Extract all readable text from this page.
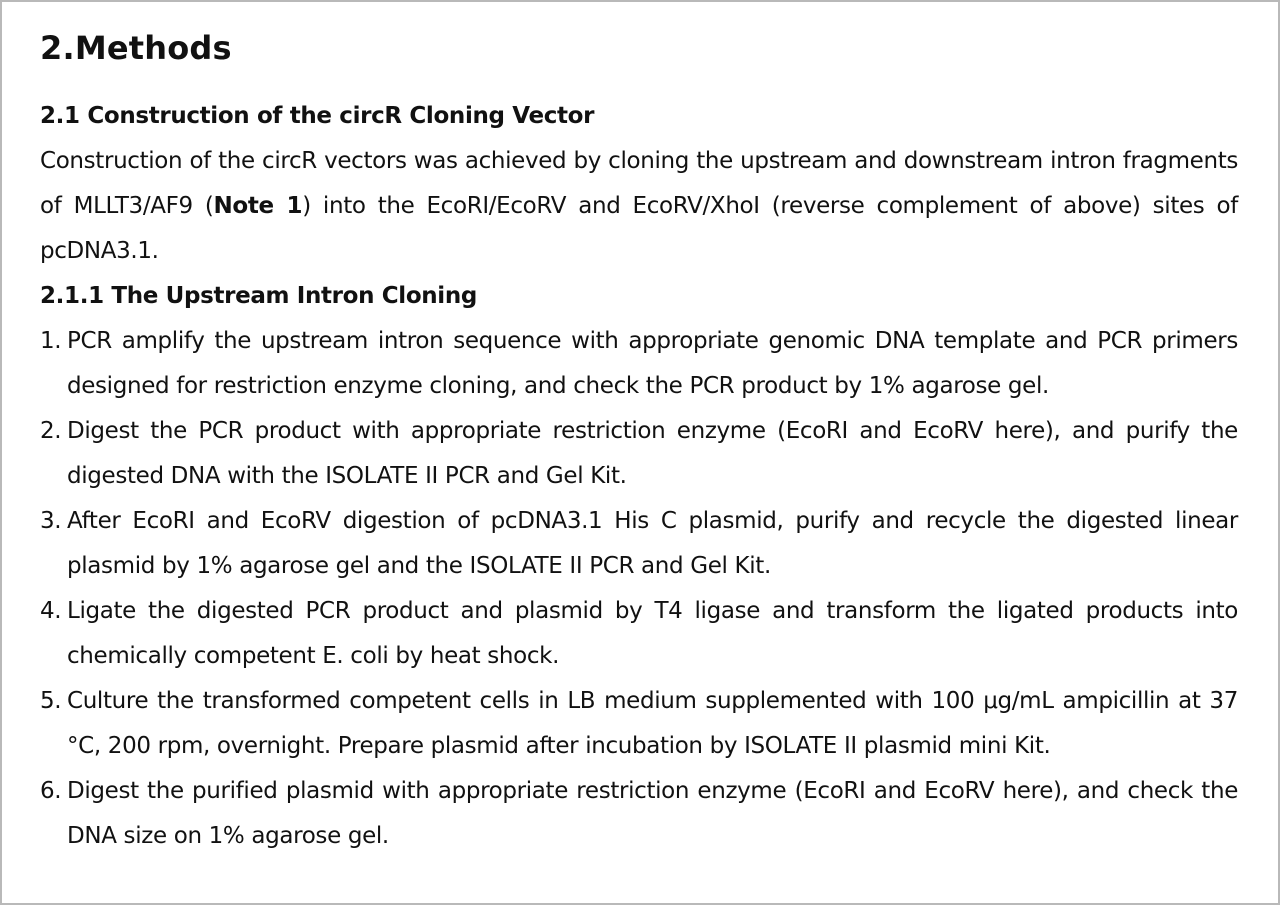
2.Methods

2.1 Construction of the circR Cloning Vector

Construction of the circR vectors was achieved by cloning the upstream and downstream intron fragments of MLLT3/AF9 (Note 1) into the EcoRI/EcoRV and EcoRV/XhoI (reverse complement of above) sites of pcDNA3.1.

2.1.1 The Upstream Intron Cloning

1. PCR amplify the upstream intron sequence with appropriate genomic DNA template and PCR primers designed for restriction enzyme cloning, and check the PCR product by 1% agarose gel.
2. Digest the PCR product with appropriate restriction enzyme (EcoRI and EcoRV here), and purify the digested DNA with the ISOLATE II PCR and Gel Kit.
3. After EcoRI and EcoRV digestion of pcDNA3.1 His C plasmid, purify and recycle the digested linear plasmid by 1% agarose gel and the ISOLATE II PCR and Gel Kit.
4. Ligate the digested PCR product and plasmid by T4 ligase and transform the ligated products into chemically competent E. coli by heat shock.
5. Culture the transformed competent cells in LB medium supplemented with 100 μg/mL ampicillin at 37 °C, 200 rpm, overnight. Prepare plasmid after incubation by ISOLATE II plasmid mini Kit.
6. Digest the purified plasmid with appropriate restriction enzyme (EcoRI and EcoRV here), and check the DNA size on 1% agarose gel.
